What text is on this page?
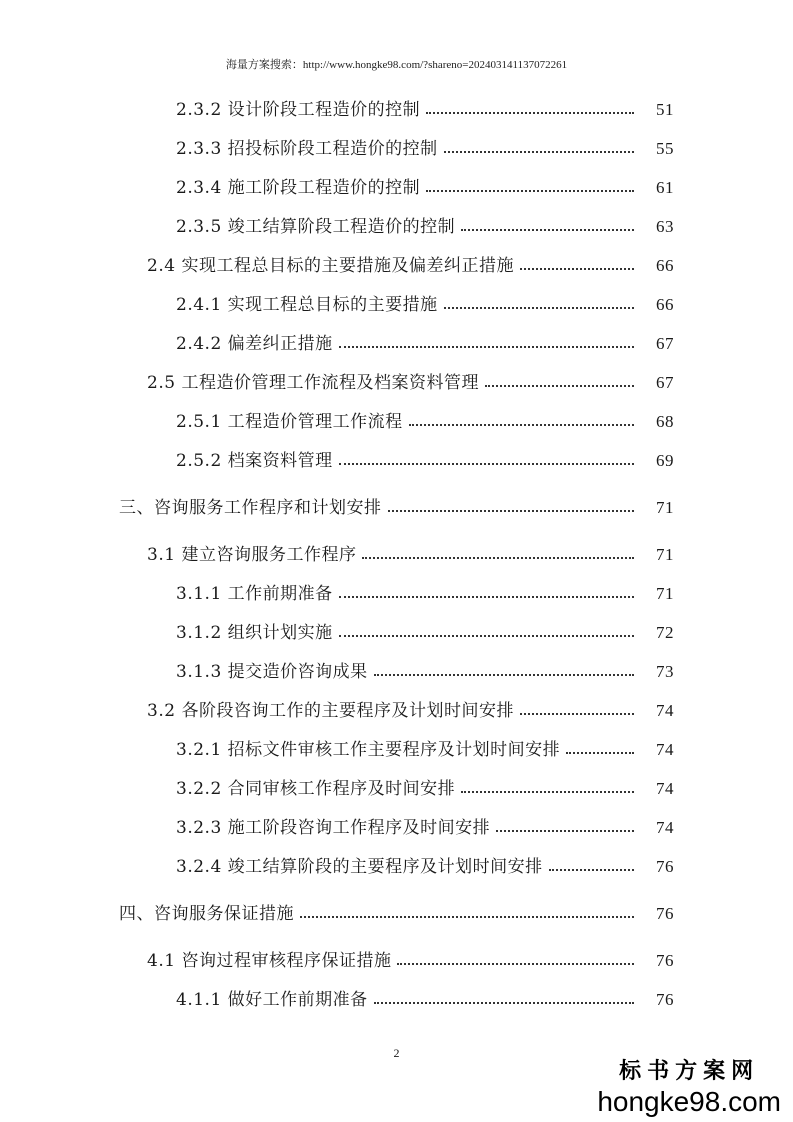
海量方案搜索：http://www.hongke98.com/?shareno=20240314113707226​1
2.3.2 设计阶段工程造价的控制	51
2.3.3 招投标阶段工程造价的控制	55
2.3.4 施工阶段工程造价的控制	61
2.3.5 竣工结算阶段工程造价的控制	63
2.4 实现工程总目标的主要措施及偏差纠正措施	66
2.4.1 实现工程总目标的主要措施	66
2.4.2 偏差纠正措施	67
2.5 工程造价管理工作流程及档案资料管理	67
2.5.1 工程造价管理工作流程	68
2.5.2 档案资料管理	69
三、咨询服务工作程序和计划安排	71
3.1 建立咨询服务工作程序	71
3.1.1 工作前期准备	71
3.1.2 组织计划实施	72
3.1.3 提交造价咨询成果	73
3.2 各阶段咨询工作的主要程序及计划时间安排	74
3.2.1 招标文件审核工作主要程序及计划时间安排	74
3.2.2 合同审核工作程序及时间安排	74
3.2.3 施工阶段咨询工作程序及时间安排	74
3.2.4 竣工结算阶段的主要程序及计划时间安排	76
四、咨询服务保证措施	76
4.1 咨询过程审核程序保证措施	76
4.1.1 做好工作前期准备	76
2
标书方案网
hongke98.com
